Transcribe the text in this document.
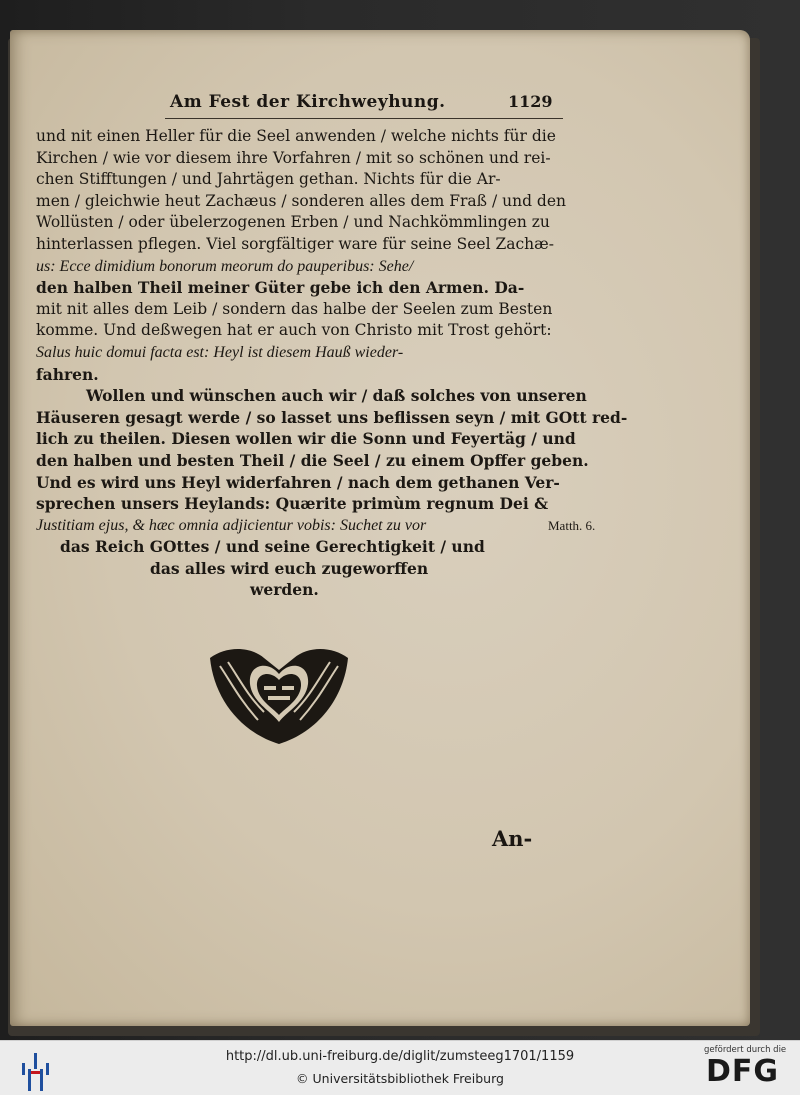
Am Fest der Kirchweyhung.	1129
und nit einen Heller für die Seel anwenden / welche nichts für die
Kirchen / wie vor diesem ihre Vorfahren / mit so schönen und rei-
chen Stifftungen / und Jahrtägen gethan. Nichts für die Ar-
men / gleichwie heut Zachæus / sonderen alles dem Fraß / und den
Wollüsten / oder übelerzogenen Erben / und Nachkömmlingen zu
hinterlassen pflegen. Viel sorgfältiger ware für seine Seel Zachæ-
us: Ecce dimidium bonorum meorum do pauperibus: Sehe/
den halben Theil meiner Güter gebe ich den Armen. Da-
mit nit alles dem Leib / sondern das halbe der Seelen zum Besten
komme. Und deßwegen hat er auch von Christo mit Trost gehört:
Salus huic domui facta est: Heyl ist diesem Hauß wieder-
fahren.
Wollen und wünschen auch wir / daß solches von unseren
Häuseren gesagt werde / so lasset uns beflissen seyn / mit GOtt red-
lich zu theilen. Diesen wollen wir die Sonn und Feyertäg / und
den halben und besten Theil / die Seel / zu einem Opffer geben.
Und es wird uns Heyl widerfahren / nach dem gethanen Ver-
sprechen unsers Heylands: Quærite primùm regnum Dei &
Justitiam ejus, & hæc omnia adjicientur vobis: Suchet zu vor
das Reich GOttes / und seine Gerechtigkeit / und
das alles wird euch zugeworffen
werden.
Matth. 6.
An-
http://dl.ub.uni-freiburg.de/diglit/zumsteeg1701/1159
© Universitätsbibliothek Freiburg
gefördert durch die
DFG
